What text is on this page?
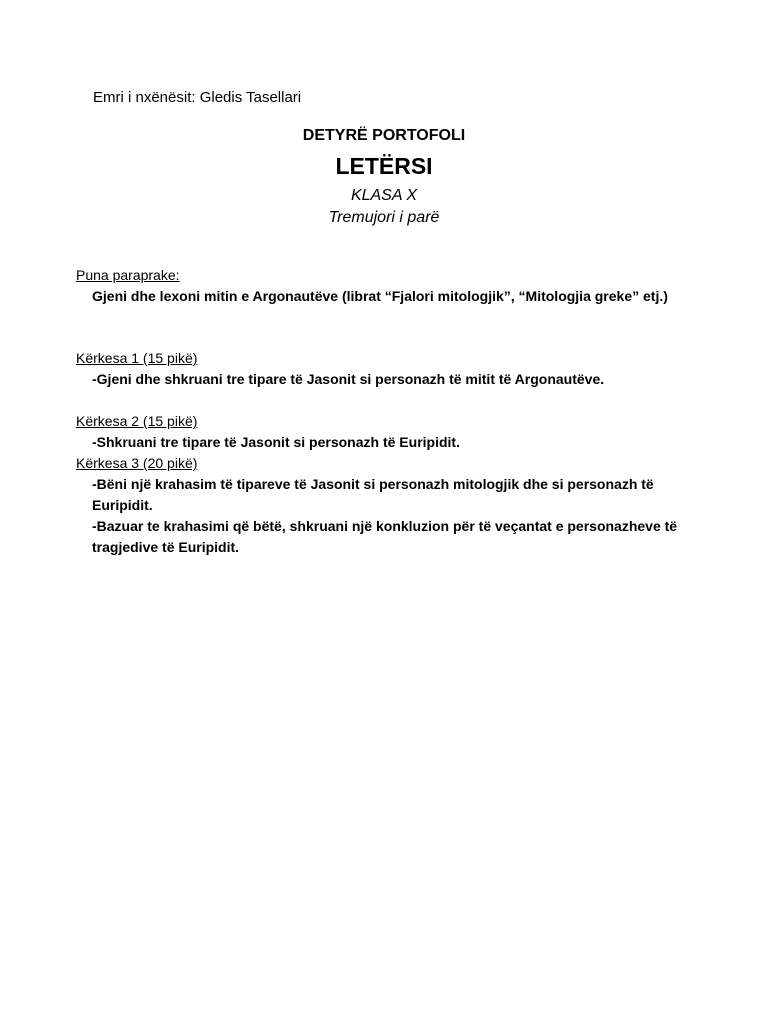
Emri i nxënësit: Gledis Tasellari
DETYRË PORTOFOLI
LETËRSI
KLASA X
Tremujori i parë
Puna paraprake:

Gjeni dhe lexoni mitin e Argonautëve (librat “Fjalori mitologjik”, “Mitologjia greke” etj.)

Kërkesa 1 (15 pikë)

-Gjeni dhe shkruani tre tipare të Jasonit si personazh të mitit të Argonautëve.

Kërkesa 2 (15 pikë)

-Shkruani tre tipare të Jasonit si personazh të Euripidit.

Kërkesa 3 (20 pikë)

-Bëni një krahasim të tipareve të Jasonit si personazh mitologjik dhe si personazh të Euripidit.

-Bazuar te krahasimi që bëtë, shkruani një konkluzion për të veçantat e personazheve të tragjedive të Euripidit.
